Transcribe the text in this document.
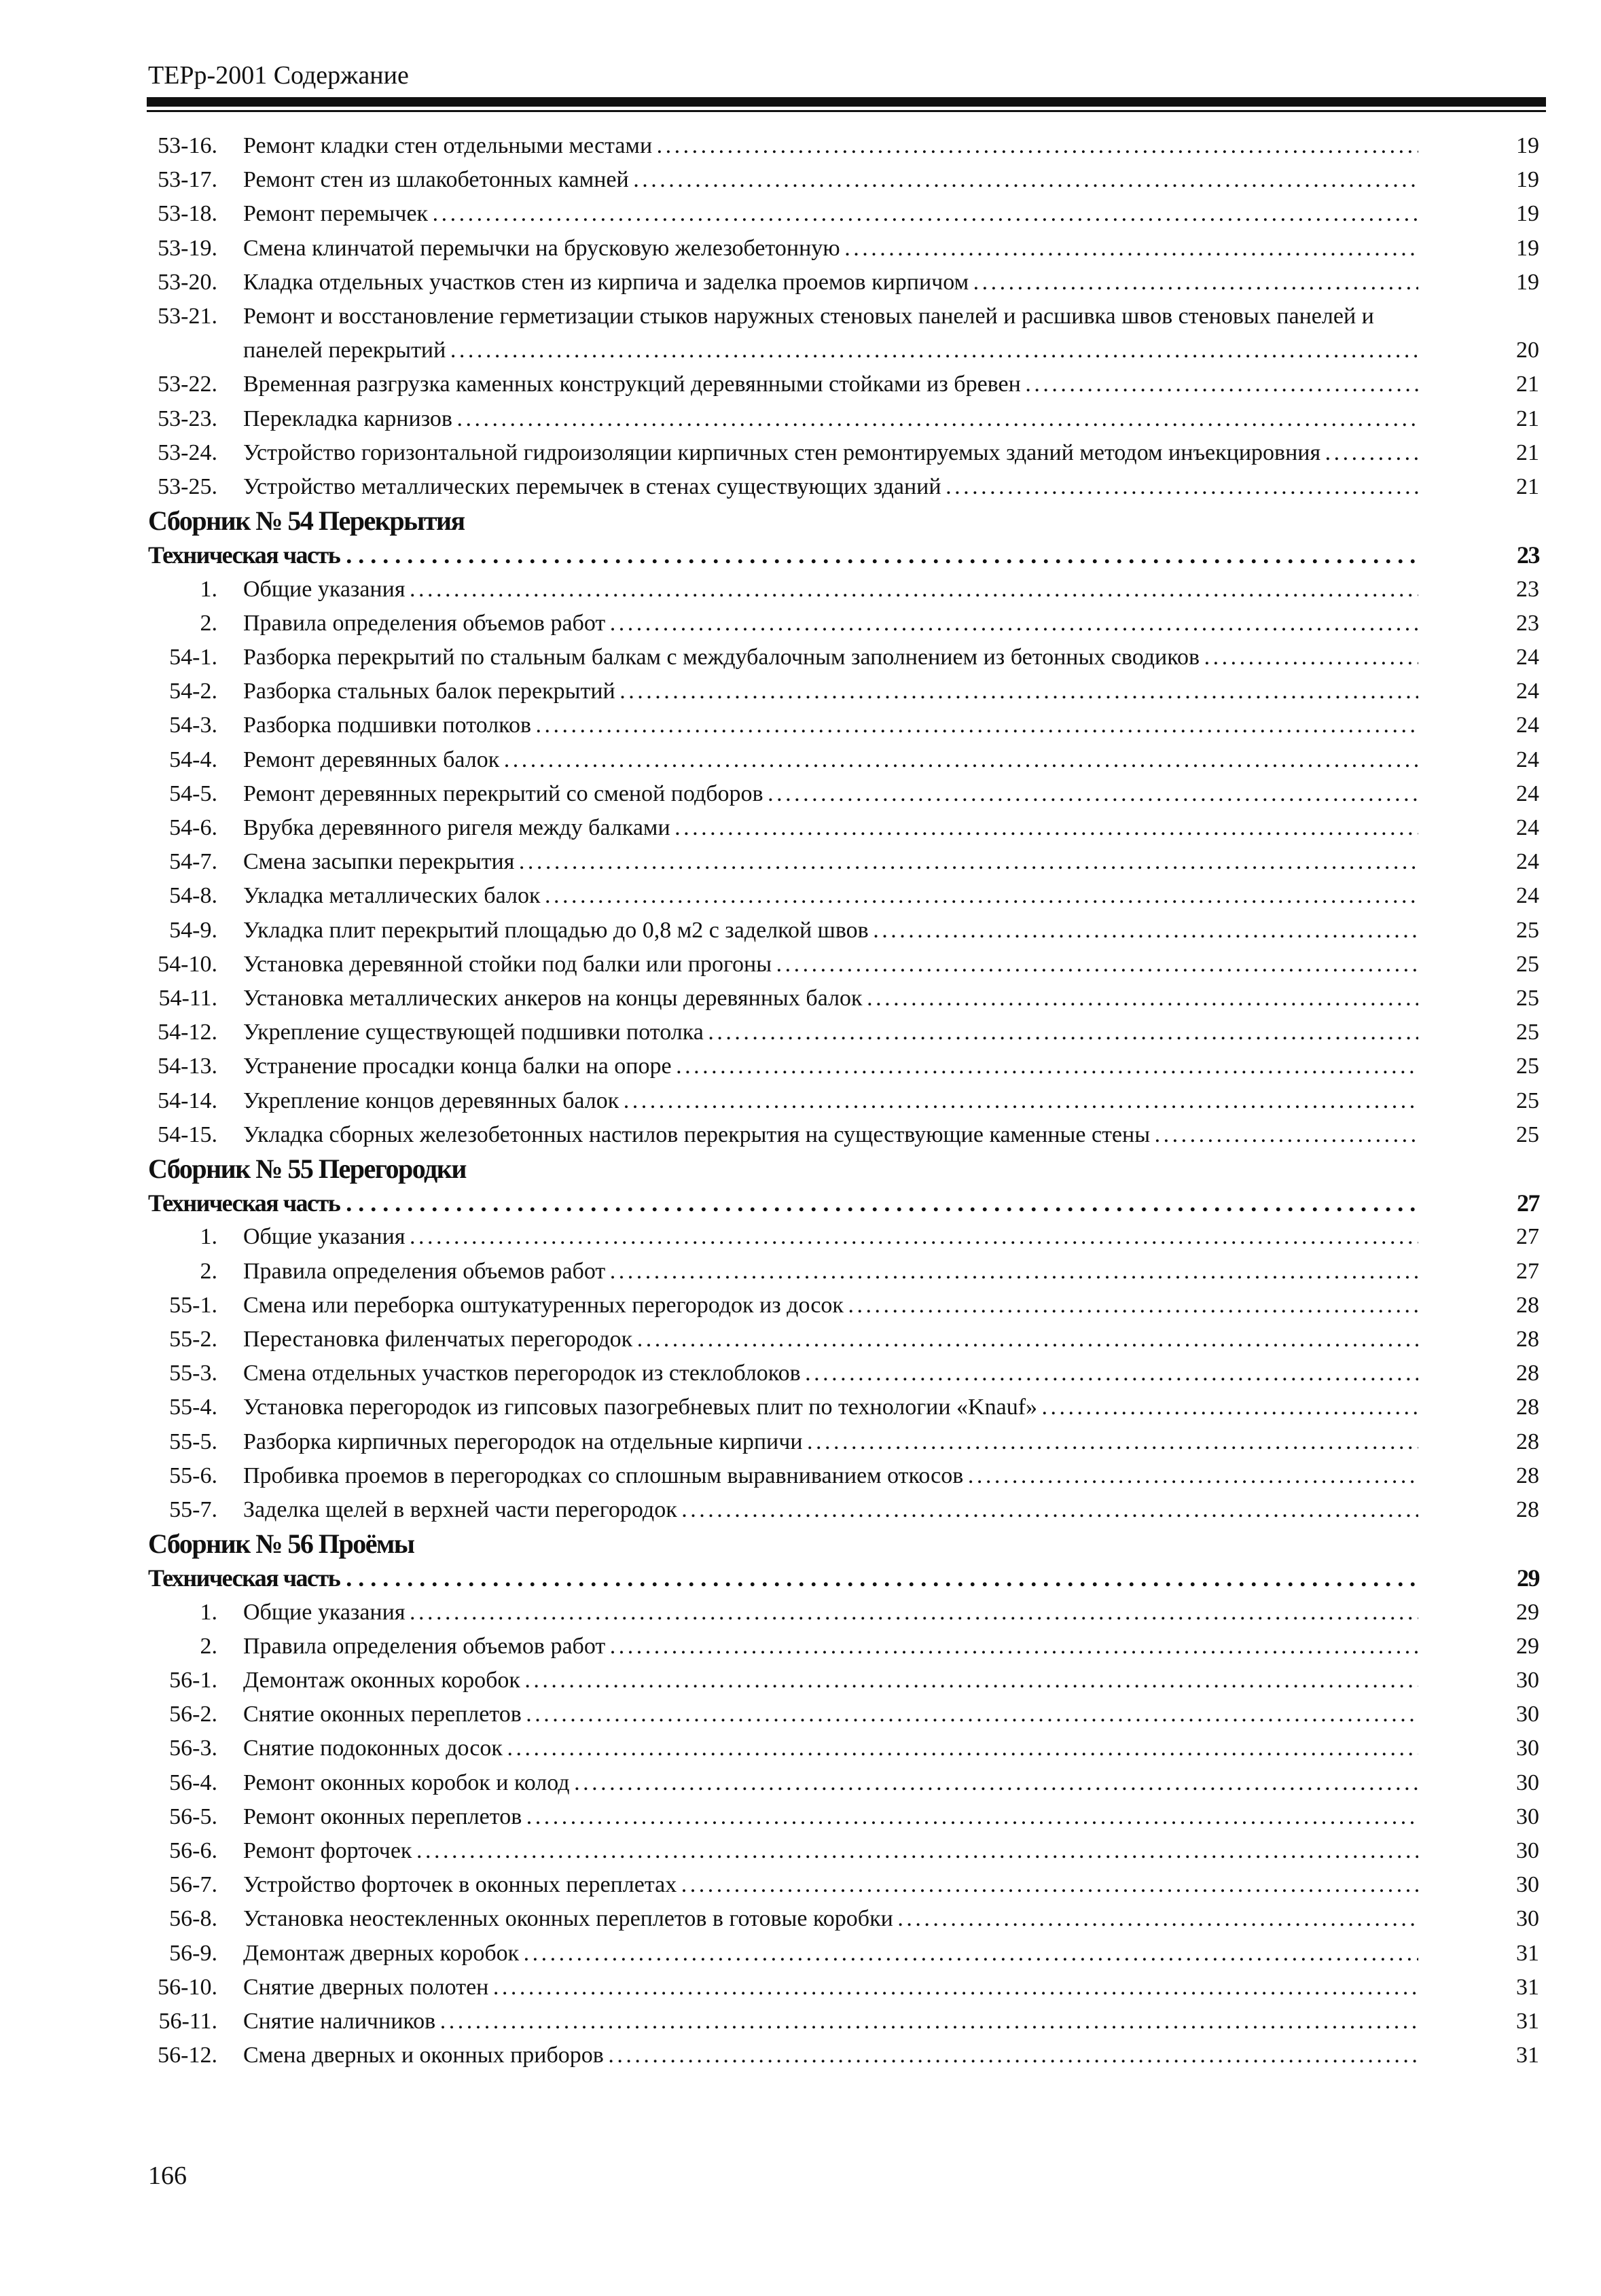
ТЕРр-2001 Содержание
53-16. Ремонт кладки стен отдельными местами . . .	19
53-17. Ремонт стен из шлакобетонных камней . . .	19
53-18. Ремонт перемычек . . .	19
53-19. Смена клинчатой перемычки на брусковую железобетонную . . .	19
53-20. Кладка отдельных участков стен из кирпича и заделка проемов кирпичом . . .	19
53-21. Ремонт и восстановление герметизации стыков наружных стеновых панелей и расшивка швов стеновых панелей и
панелей перекрытий . . .	20
53-22. Временная разгрузка каменных конструкций деревянными стойками из бревен . . .	21
53-23. Перекладка карнизов . . .	21
53-24. Устройство горизонтальной гидроизоляции кирпичных стен ремонтируемых зданий методом инъекцировния . . .	21
53-25. Устройство металлических перемычек в стенах существующих зданий . . .	21
Сборник № 54 Перекрытия
Техническая часть . . .	23
1. Общие указания . . .	23
2. Правила определения объемов работ . . .	23
54-1. Разборка перекрытий по стальным балкам с междубалочным заполнением из бетонных сводиков . . .	24
54-2. Разборка стальных балок перекрытий . . .	24
54-3. Разборка подшивки потолков . . .	24
54-4. Ремонт деревянных балок . . .	24
54-5. Ремонт деревянных перекрытий со сменой подборов . . .	24
54-6. Врубка деревянного ригеля между балками . . .	24
54-7. Смена засыпки перекрытия . . .	24
54-8. Укладка металлических балок . . .	24
54-9. Укладка плит перекрытий площадью до 0,8 м2 с заделкой швов . . .	25
54-10. Установка деревянной стойки под балки или прогоны . . .	25
54-11. Установка металлических анкеров на концы деревянных балок . . .	25
54-12. Укрепление существующей подшивки потолка . . .	25
54-13. Устранение просадки конца балки на опоре . . .	25
54-14. Укрепление концов деревянных балок . . .	25
54-15. Укладка сборных железобетонных настилов перекрытия на существующие каменные стены . . .	25
Сборник № 55 Перегородки
Техническая часть . . .	27
1. Общие указания . . .	27
2. Правила определения объемов работ . . .	27
55-1. Смена или переборка оштукатуренных перегородок из досок . . .	28
55-2. Перестановка филенчатых перегородок . . .	28
55-3. Смена отдельных участков перегородок из стеклоблоков . . .	28
55-4. Установка перегородок из гипсовых пазогребневых плит по технологии «Knauf» . . .	28
55-5. Разборка кирпичных перегородок на отдельные кирпичи . . .	28
55-6. Пробивка проемов в перегородках со сплошным выравниванием откосов . . .	28
55-7. Заделка щелей в верхней части перегородок . . .	28
Сборник № 56 Проёмы
Техническая часть . . .	29
1. Общие указания . . .	29
2. Правила определения объемов работ . . .	29
56-1. Демонтаж оконных коробок . . .	30
56-2. Снятие оконных переплетов . . .	30
56-3. Снятие подоконных досок . . .	30
56-4. Ремонт оконных коробок и колод . . .	30
56-5. Ремонт оконных переплетов . . .	30
56-6. Ремонт форточек . . .	30
56-7. Устройство форточек в оконных переплетах . . .	30
56-8. Установка неостекленных оконных переплетов в готовые коробки . . .	30
56-9. Демонтаж дверных коробок . . .	31
56-10. Снятие дверных полотен . . .	31
56-11. Снятие наличников . . .	31
56-12. Смена дверных и оконных приборов . . .	31
166
